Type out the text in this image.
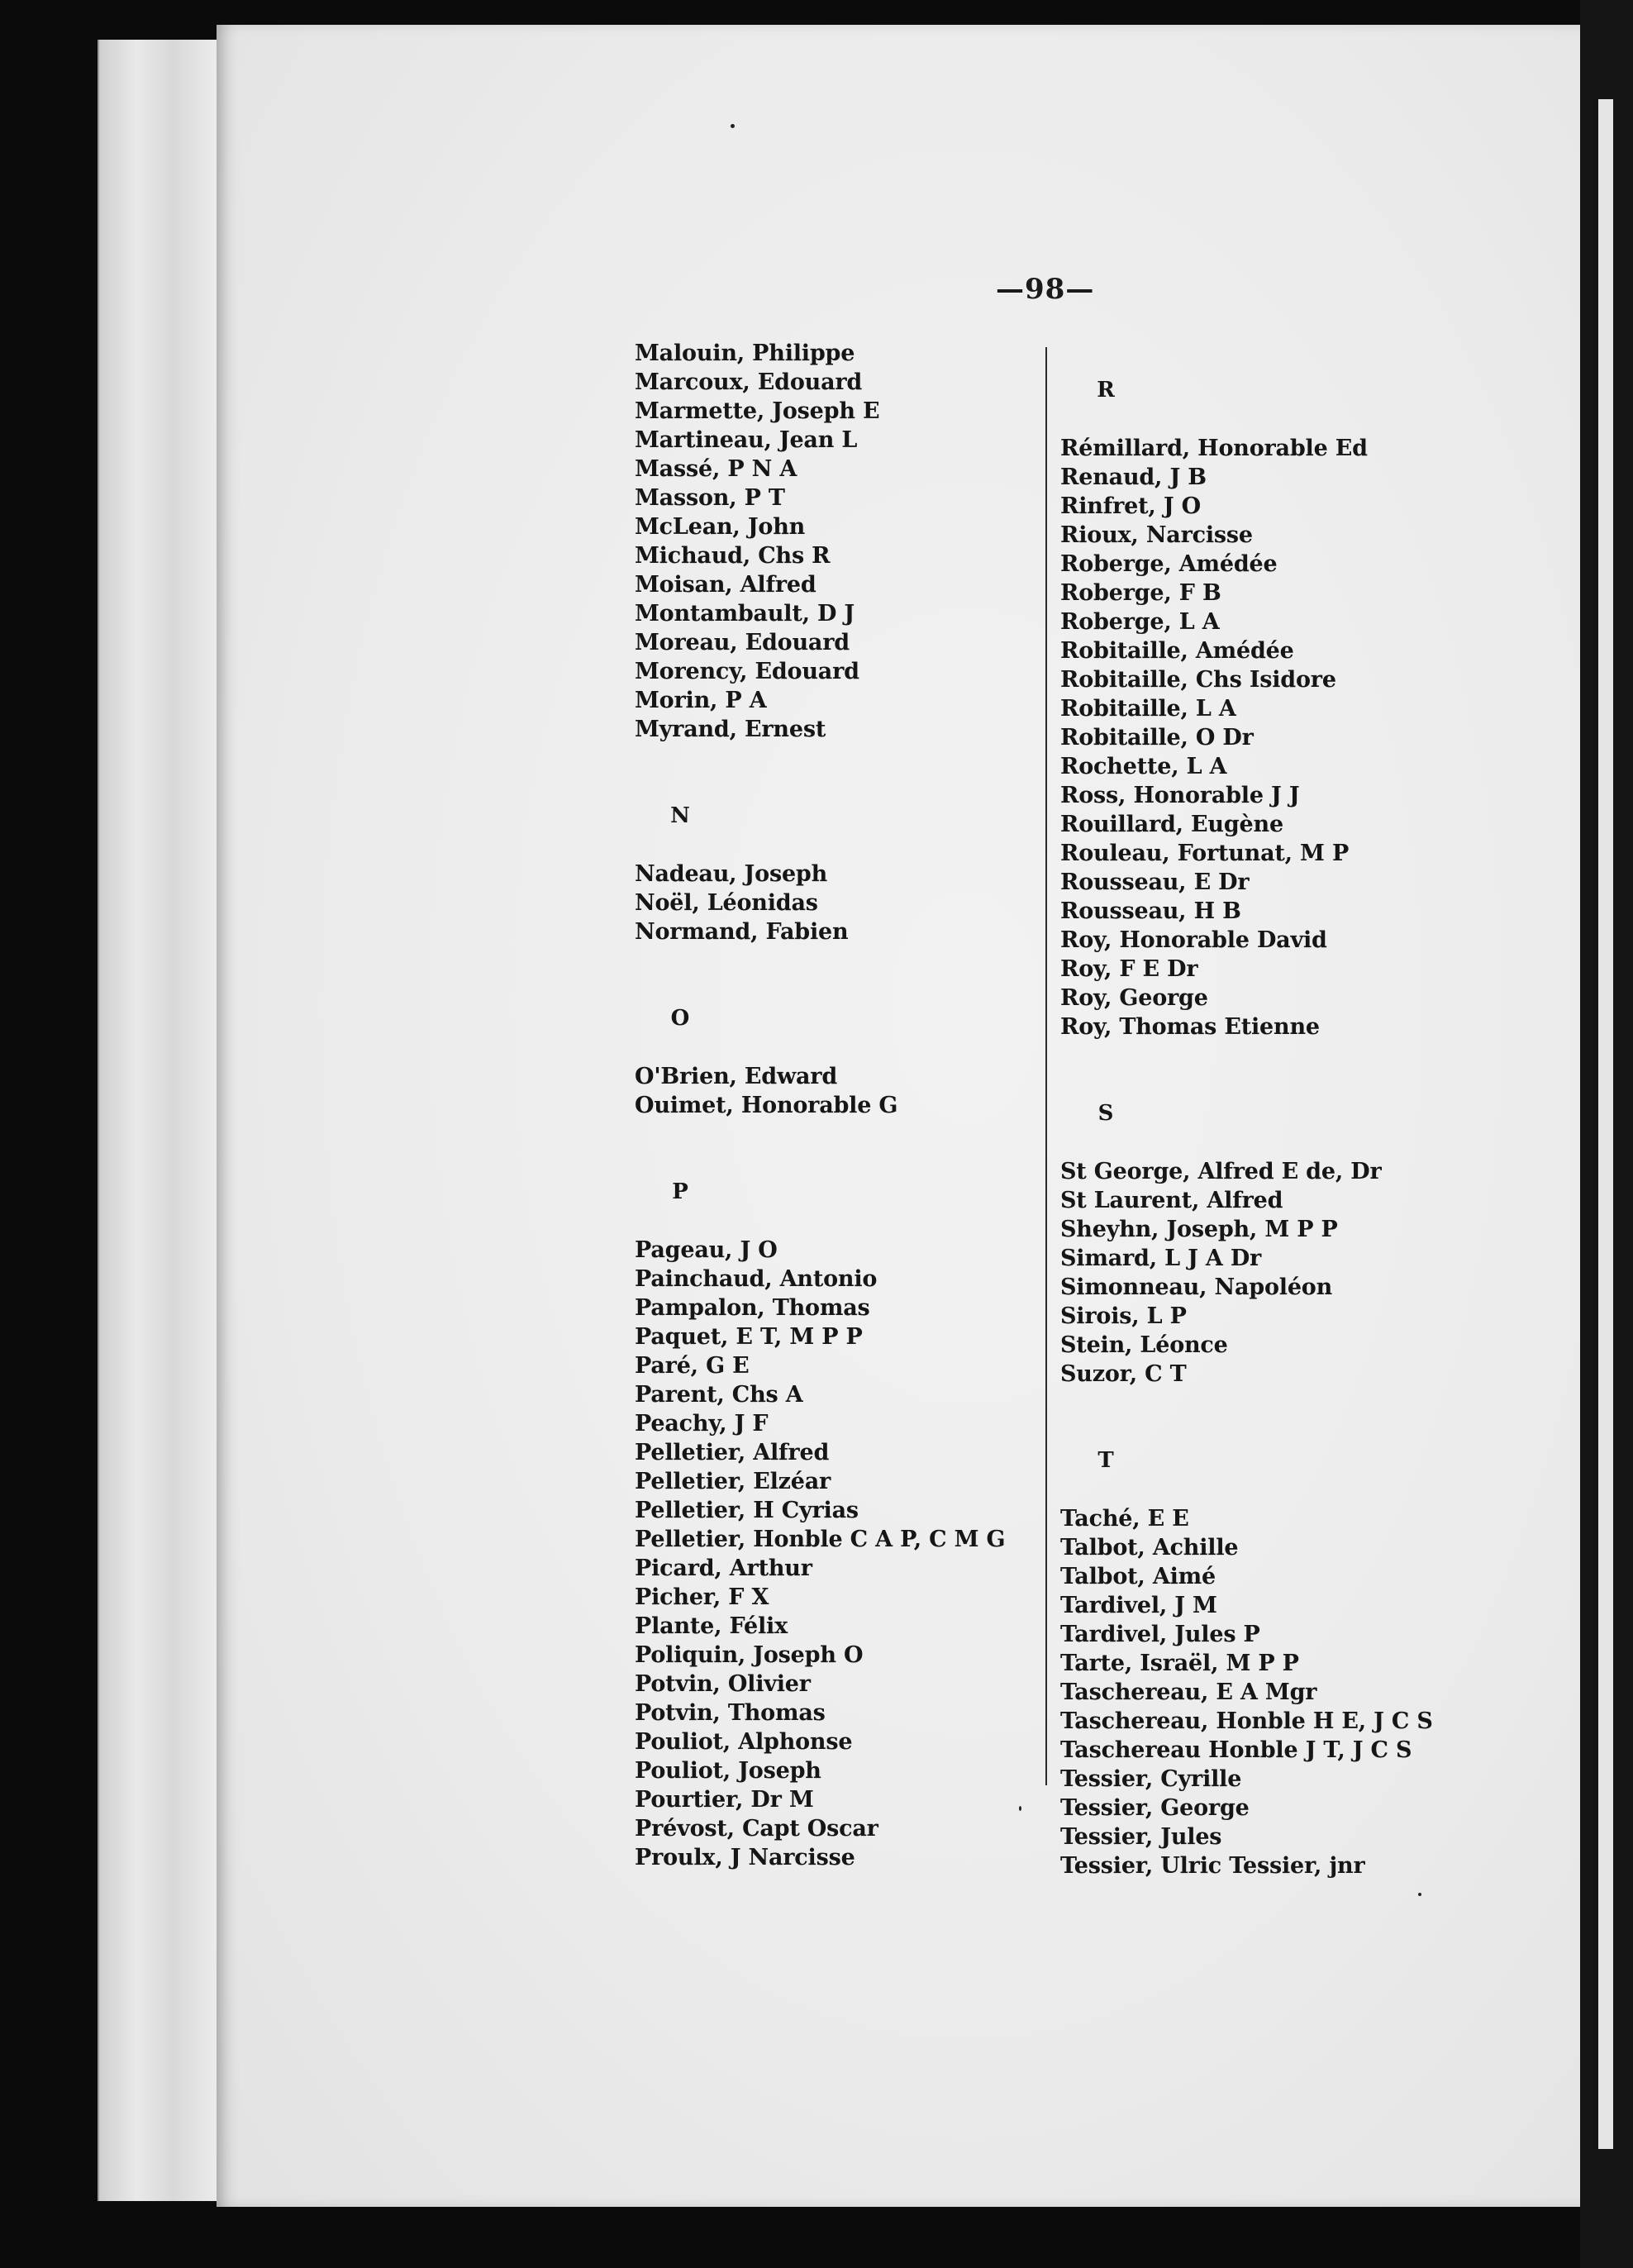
—98—
Malouin, Philippe
Marcoux, Edouard
Marmette, Joseph E
Martineau, Jean L
Massé, P N A
Masson, P T
McLean, John
Michaud, Chs R
Moisan, Alfred
Montambault, D J
Moreau, Edouard
Morency, Edouard
Morin, P A
Myrand, Ernest
N
Nadeau, Joseph
Noël, Léonidas
Normand, Fabien
O
O'Brien, Edward
Ouimet, Honorable G
P
Pageau, J O
Painchaud, Antonio
Pampalon, Thomas
Paquet, E T, M P P
Paré, G E
Parent, Chs A
Peachy, J F
Pelletier, Alfred
Pelletier, Elzéar
Pelletier, H Cyrias
Pelletier, Honble C A P, C M G
Picard, Arthur
Picher, F X
Plante, Félix
Poliquin, Joseph O
Potvin, Olivier
Potvin, Thomas
Pouliot, Alphonse
Pouliot, Joseph
Pourtier, Dr M
Prévost, Capt Oscar
Proulx, J Narcisse
R
Rémillard, Honorable Ed
Renaud, J B
Rinfret, J O
Rioux, Narcisse
Roberge, Amédée
Roberge, F B
Roberge, L A
Robitaille, Amédée
Robitaille, Chs Isidore
Robitaille, L A
Robitaille, O Dr
Rochette, L A
Ross, Honorable J J
Rouillard, Eugène
Rouleau, Fortunat, M P
Rousseau, E Dr
Rousseau, H B
Roy, Honorable David
Roy, F E Dr
Roy, George
Roy, Thomas Etienne
S
St George, Alfred E de, Dr
St Laurent, Alfred
Sheyhn, Joseph, M P P
Simard, L J A Dr
Simonneau, Napoléon
Sirois, L P
Stein, Léonce
Suzor, C T
T
Taché, E E
Talbot, Achille
Talbot, Aimé
Tardivel, J M
Tardivel, Jules P
Tarte, Israël, M P P
Taschereau, E A Mgr
Taschereau, Honble H E, J C S
Taschereau Honble J T, J C S
Tessier, Cyrille
Tessier, George
Tessier, Jules
Tessier, Ulric Tessier, jnr
